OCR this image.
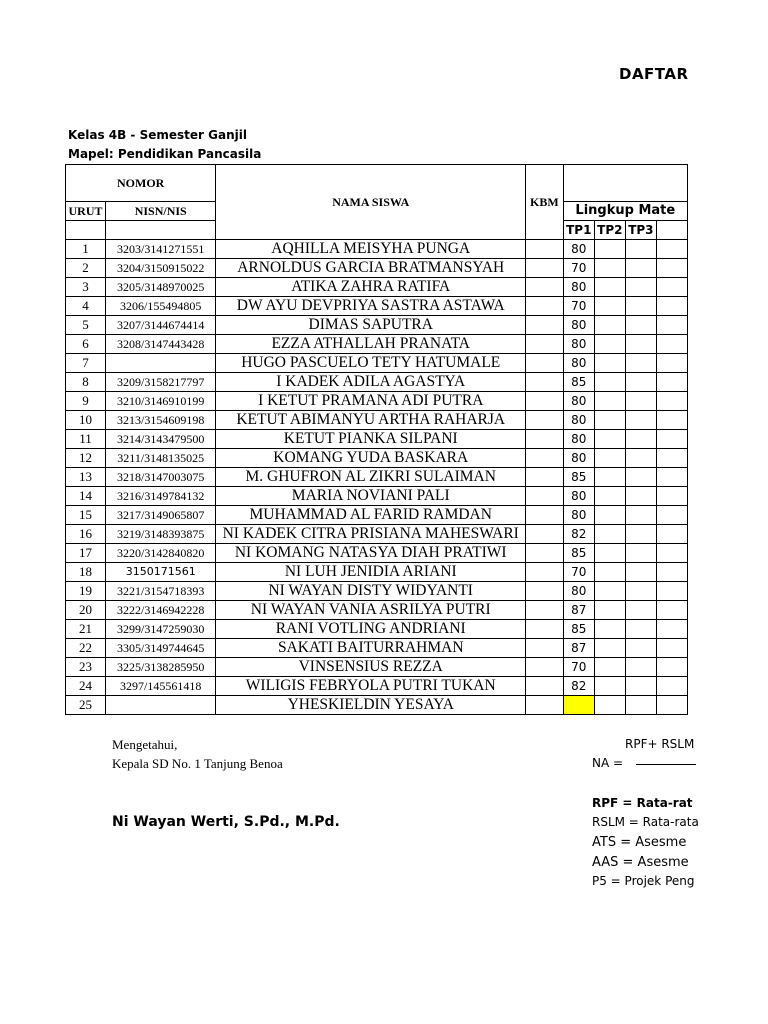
DAFTAR
Kelas 4B - Semester Ganjil
Mapel: Pendidikan Pancasila
NOMOR		NAMA SISWA	KBM				
URUT	NISN/NIS			Lingkup Mate			
				TP1	TP2	TP3	
1	3203/3141271551	AQHILLA MEISYHA PUNGA		80			
2	3204/3150915022	ARNOLDUS GARCIA BRATMANSYAH		70			
3	3205/3148970025	ATIKA ZAHRA RATIFA		80			
4	3206/155494805	DW AYU DEVPRIYA SASTRA ASTAWA		70			
5	3207/3144674414	DIMAS SAPUTRA		80			
6	3208/3147443428	EZZA ATHALLAH PRANATA		80			
7		HUGO PASCUELO TETY HATUMALE		80			
8	3209/3158217797	I KADEK ADILA AGASTYA		85			
9	3210/3146910199	I KETUT PRAMANA ADI PUTRA		80			
10	3213/3154609198	KETUT ABIMANYU ARTHA RAHARJA		80			
11	3214/3143479500	KETUT PIANKA SILPANI		80			
12	3211/3148135025	KOMANG YUDA BASKARA		80			
13	3218/3147003075	M. GHUFRON AL ZIKRI SULAIMAN		85			
14	3216/3149784132	MARIA NOVIANI PALI		80			
15	3217/3149065807	MUHAMMAD AL FARID RAMDAN		80			
16	3219/3148393875	NI KADEK CITRA PRISIANA MAHESWARI		82			
17	3220/3142840820	NI KOMANG NATASYA DIAH PRATIWI		85			
18	3150171561	NI LUH JENIDIA ARIANI		70			
19	3221/3154718393	NI WAYAN DISTY WIDYANTI		80			
20	3222/3146942228	NI WAYAN VANIA ASRILYA PUTRI		87			
21	3299/3147259030	RANI VOTLING ANDRIANI		85			
22	3305/3149744645	SAKATI BAITURRAHMAN		87			
23	3225/3138285950	VINSENSIUS REZZA		70			
24	3297/145561418	WILIGIS FEBRYOLA PUTRI TUKAN		82			
25		YHESKIELDIN YESAYA					
RPF+ RSLM
NA =
RPF = Rata-rat
RSLM = Rata-rata
ATS = Asesme
AAS = Asesme
P5 = Projek Peng
Mengetahui,
Kepala SD No. 1 Tanjung Benoa
Ni Wayan Werti, S.Pd., M.Pd.
